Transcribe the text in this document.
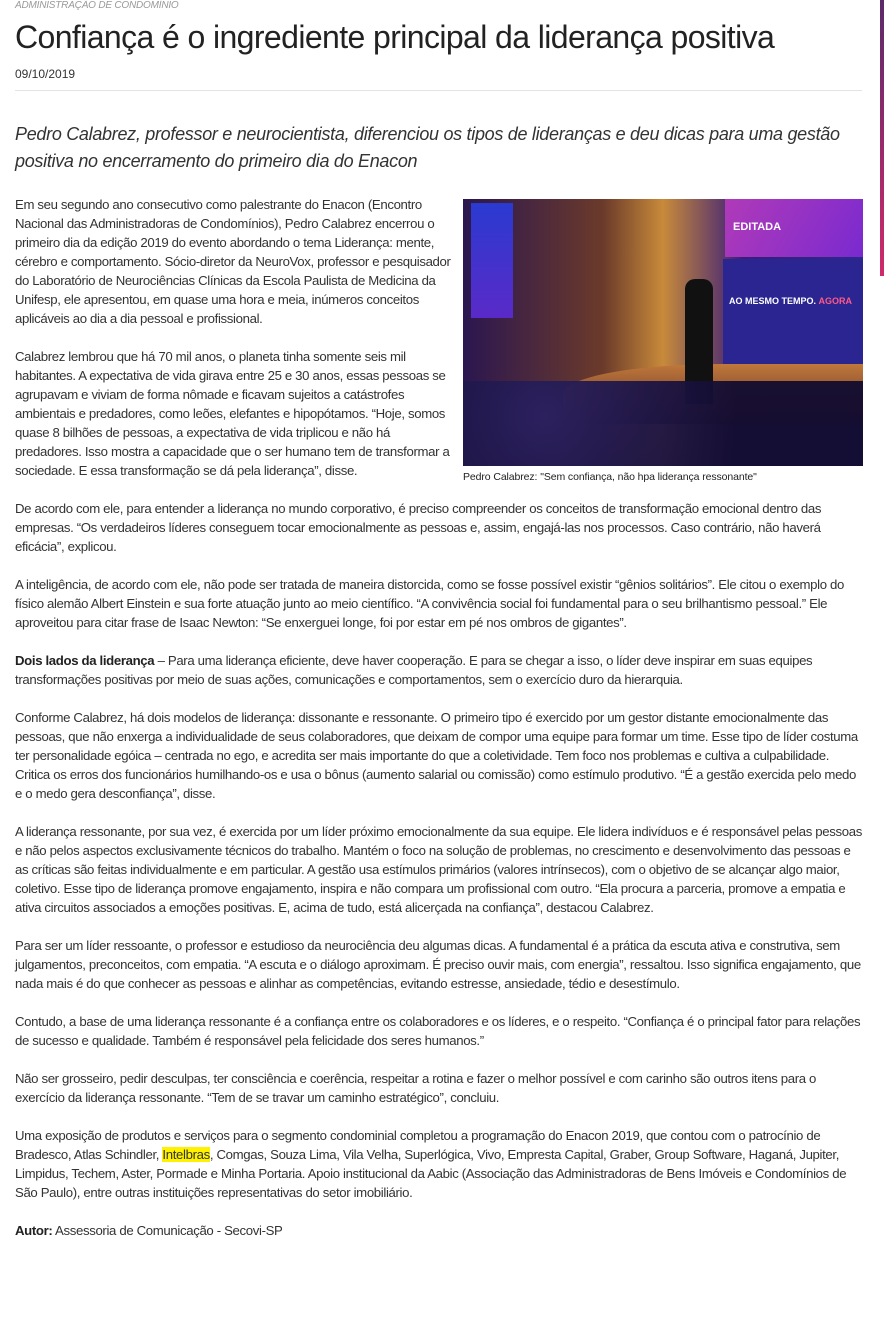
ADMINISTRAÇÃO DE CONDOMÍNIO
Confiança é o ingrediente principal da liderança positiva
09/10/2019
Pedro Calabrez, professor e neurocientista, diferenciou os tipos de lideranças e deu dicas para uma gestão positiva no encerramento do primeiro dia do Enacon
EDITADA
AO MESMO TEMPO. AGORA
Pedro Calabrez: "Sem confiança, não hpa liderança ressonante"

Em seu segundo ano consecutivo como palestrante do Enacon (Encontro Nacional das Administradoras de Condomínios), Pedro Calabrez encerrou o primeiro dia da edição 2019 do evento abordando o tema Liderança: mente, cérebro e comportamento. Sócio-diretor da NeuroVox, professor e pesquisador do Laboratório de Neurociências Clínicas da Escola Paulista de Medicina da Unifesp, ele apresentou, em quase uma hora e meia, inúmeros conceitos aplicáveis ao dia a dia pessoal e profissional.

Calabrez lembrou que há 70 mil anos, o planeta tinha somente seis mil habitantes. A expectativa de vida girava entre 25 e 30 anos, essas pessoas se agrupavam e viviam de forma nômade e ficavam sujeitos a catástrofes ambientais e predadores, como leões, elefantes e hipopótamos. “Hoje, somos quase 8 bilhões de pessoas, a expectativa de vida triplicou e não há predadores. Isso mostra a capacidade que o ser humano tem de transformar a sociedade. E essa transformação se dá pela liderança”, disse.

De acordo com ele, para entender a liderança no mundo corporativo, é preciso compreender os conceitos de transformação emocional dentro das empresas. “Os verdadeiros líderes conseguem tocar emocionalmente as pessoas e, assim, engajá-las nos processos. Caso contrário, não haverá eficácia”, explicou.

A inteligência, de acordo com ele, não pode ser tratada de maneira distorcida, como se fosse possível existir “gênios solitários”. Ele citou o exemplo do físico alemão Albert Einstein e sua forte atuação junto ao meio científico. “A convivência social foi fundamental para o seu brilhantismo pessoal.” Ele aproveitou para citar frase de Isaac Newton: “Se enxerguei longe, foi por estar em pé nos ombros de gigantes”.

Dois lados da liderança – Para uma liderança eficiente, deve haver cooperação. E para se chegar a isso, o líder deve inspirar em suas equipes transformações positivas por meio de suas ações, comunicações e comportamentos, sem o exercício duro da hierarquia.

Conforme Calabrez, há dois modelos de liderança: dissonante e ressonante. O primeiro tipo é exercido por um gestor distante emocionalmente das pessoas, que não enxerga a individualidade de seus colaboradores, que deixam de compor uma equipe para formar um time. Esse tipo de líder costuma ter personalidade egóica – centrada no ego, e acredita ser mais importante do que a coletividade. Tem foco nos problemas e cultiva a culpabilidade. Critica os erros dos funcionários humilhando-os e usa o bônus (aumento salarial ou comissão) como estímulo produtivo. “É a gestão exercida pelo medo e o medo gera desconfiança”, disse.

A liderança ressonante, por sua vez, é exercida por um líder próximo emocionalmente da sua equipe. Ele lidera indivíduos e é responsável pelas pessoas e não pelos aspectos exclusivamente técnicos do trabalho. Mantém o foco na solução de problemas, no crescimento e desenvolvimento das pessoas e as críticas são feitas individualmente e em particular. A gestão usa estímulos primários (valores intrínsecos), com o objetivo de se alcançar algo maior, coletivo. Esse tipo de liderança promove engajamento, inspira e não compara um profissional com outro. “Ela procura a parceria, promove a empatia e ativa circuitos associados a emoções positivas. E, acima de tudo, está alicerçada na confiança”, destacou Calabrez.

Para ser um líder ressoante, o professor e estudioso da neurociência deu algumas dicas. A fundamental é a prática da escuta ativa e construtiva, sem julgamentos, preconceitos, com empatia. “A escuta e o diálogo aproximam. É preciso ouvir mais, com energia”, ressaltou. Isso significa engajamento, que nada mais é do que conhecer as pessoas e alinhar as competências, evitando estresse, ansiedade, tédio e desestímulo.

Contudo, a base de uma liderança ressonante é a confiança entre os colaboradores e os líderes, e o respeito. “Confiança é o principal fator para relações de sucesso e qualidade. Também é responsável pela felicidade dos seres humanos.”

Não ser grosseiro, pedir desculpas, ter consciência e coerência, respeitar a rotina e fazer o melhor possível e com carinho são outros itens para o exercício da liderança ressonante. “Tem de se travar um caminho estratégico”, concluiu.

Uma exposição de produtos e serviços para o segmento condominial completou a programação do Enacon 2019, que contou com o patrocínio de Bradesco, Atlas Schindler, Intelbras, Comgas, Souza Lima, Vila Velha, Superlógica, Vivo, Empresta Capital, Graber, Group Software, Haganá, Jupiter, Limpidus, Techem, Aster, Pormade e Minha Portaria. Apoio institucional da Aabic (Associação das Administradoras de Bens Imóveis e Condomínios de São Paulo), entre outras instituições representativas do setor imobiliário.

Autor: Assessoria de Comunicação - Secovi-SP
